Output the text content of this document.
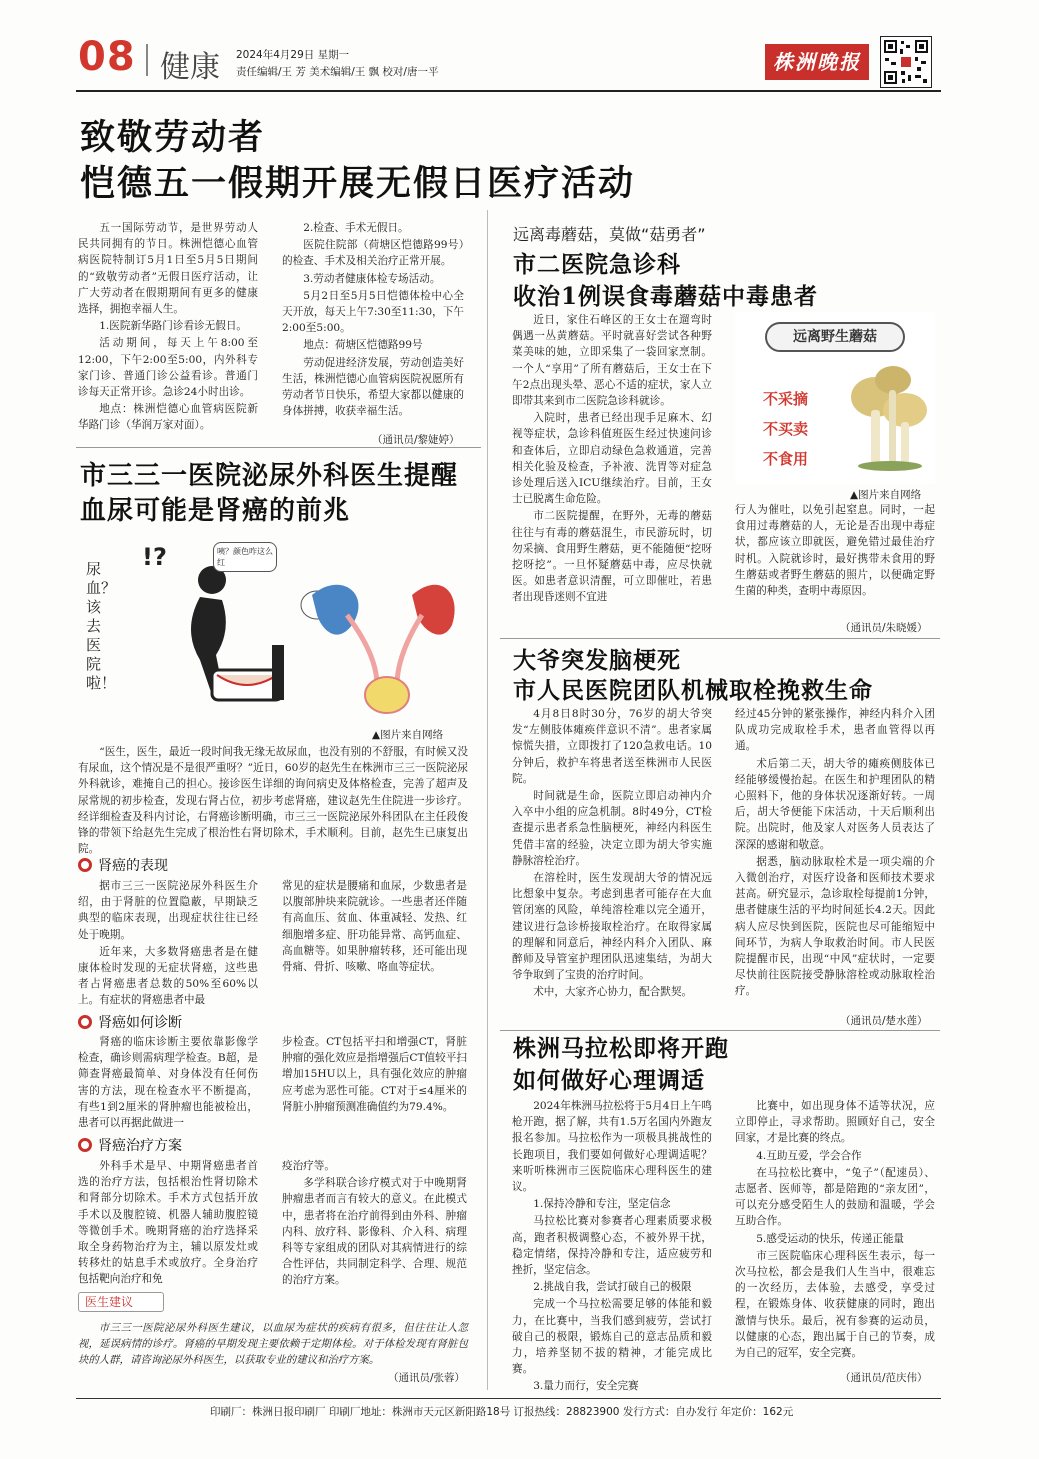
08 健康 2024年4月29日 星期一
责任编辑/王 芳 美术编辑/王 飘 校对/唐一平	株洲晚报
致敬劳动者
恺德五一假期开展无假日医疗活动

五一国际劳动节，是世界劳动人民共同拥有的节日。株洲恺德心血管病医院特制订5月1日至5月5日期间的“致敬劳动者”无假日医疗活动，让广大劳动者在假期期间有更多的健康选择，拥抱幸福人生。

1.医院新华路门诊看诊无假日。

活动期间，每天上午8:00至12:00，下午2:00至5:00，内外科专家门诊、普通门诊公益看诊。普通门诊每天正常开诊。急诊24小时出诊。

地点：株洲恺德心血管病医院新华路门诊（华润万家对面）。

2.检查、手术无假日。

医院住院部（荷塘区恺德路99号）的检查、手术及相关治疗正常开展。

3.劳动者健康体检专场活动。

5月2日至5月5日恺德体检中心全天开放，每天上午7:30至11:30，下午2:00至5:00。

地点：荷塘区恺德路99号

劳动促进经济发展，劳动创造美好生活，株洲恺德心血管病医院祝愿所有劳动者节日快乐，希望大家都以健康的身体拼搏，收获幸福生活。

（通讯员/黎婕婷）
市三三一医院泌尿外科医生提醒
血尿可能是肾癌的前兆
尿血？该去医院啦！
!?	咦？颜色咋这么红
▲图片来自网络

“医生，医生，最近一段时间我无缘无故尿血，也没有别的不舒服，有时候又没有尿血，这个情况是不是很严重呀？”近日，60岁的赵先生在株洲市三三一医院泌尿外科就诊，难掩自己的担心。接诊医生详细的询问病史及体格检查，完善了超声及尿常规的初步检查，发现右肾占位，初步考虑肾癌，建议赵先生住院进一步诊疗。经详细检查及科内讨论，右肾癌诊断明确，市三三一医院泌尿外科团队在主任段俊锋的带领下给赵先生完成了根治性右肾切除术，手术顺利。目前，赵先生已康复出院。

肾癌的表现

据市三三一医院泌尿外科医生介绍，由于肾脏的位置隐蔽，早期缺乏典型的临床表现，出现症状往往已经处于晚期。

近年来，大多数肾癌患者是在健康体检时发现的无症状肾癌，这些患者占肾癌患者总数的50%至60%以上。有症状的肾癌患者中最

常见的症状是腰痛和血尿，少数患者是以腹部肿块来院就诊。一些患者还伴随有高血压、贫血、体重减轻、发热、红细胞增多症、肝功能异常、高钙血症、高血糖等。如果肿瘤转移，还可能出现骨痛、骨折、咳嗽、咯血等症状。

肾癌如何诊断

肾癌的临床诊断主要依靠影像学检查，确诊则需病理学检查。B超，是筛查肾癌最简单、对身体没有任何伤害的方法，现在检查水平不断提高，有些1到2厘米的肾肿瘤也能被检出，患者可以再据此做进一

步检查。CT包括平扫和增强CT，肾脏肿瘤的强化效应是指增强后CT值较平扫增加15HU以上，具有强化效应的肿瘤应考虑为恶性可能。CT对于≤4厘米的肾脏小肿瘤预测准确值约为79.4%。

肾癌治疗方案

外科手术是早、中期肾癌患者首选的治疗方法，包括根治性肾切除术和肾部分切除术。手术方式包括开放手术以及腹腔镜、机器人辅助腹腔镜等微创手术。晚期肾癌的治疗选择采取全身药物治疗为主，辅以原发灶或转移灶的姑息手术或放疗。全身治疗包括靶向治疗和免

疫治疗等。

多学科联合诊疗模式对于中晚期肾肿瘤患者而言有较大的意义。在此模式中，患者将在治疗前得到由外科、肿瘤内科、放疗科、影像科、介入科、病理科等专家组成的团队对其病情进行的综合性评估，共同制定科学、合理、规范的治疗方案。

医生建议
市三三一医院泌尿外科医生建议，以血尿为症状的疾病有很多，但往往让人忽视，延误病情的诊疗。肾癌的早期发现主要依赖于定期体检。对于体检发现有肾脏包块的人群，请咨询泌尿外科医生，以获取专业的建议和治疗方案。
（通讯员/张蓉）
远离毒蘑菇，莫做“菇勇者”
市二医院急诊科
收治1例误食毒蘑菇中毒患者

近日，家住石峰区的王女士在遛弯时偶遇一丛黄蘑菇。平时就喜好尝试各种野菜美味的她，立即采集了一袋回家烹制。一个人“享用”了所有蘑菇后，王女士在下午2点出现头晕、恶心不适的症状，家人立即带其来到市二医院急诊科就诊。

入院时，患者已经出现手足麻木、幻视等症状，急诊科值班医生经过快速问诊和查体后，立即启动绿色急救通道，完善相关化验及检查，予补液、洗胃等对症急诊处理后送入ICU继续治疗。目前，王女士已脱离生命危险。

市二医院提醒，在野外，无毒的蘑菇往往与有毒的蘑菇混生，市民游玩时，切勿采摘、食用野生蘑菇，更不能随便“挖呀挖呀挖”。一旦怀疑蘑菇中毒，应尽快就医。如患者意识清醒，可立即催吐，若患者出现昏迷则不宜进

远离野生蘑菇
不采摘
不买卖
不食用
▲图片来自网络

行人为催吐，以免引起窒息。同时，一起食用过毒蘑菇的人，无论是否出现中毒症状，都应该立即就医，避免错过最佳治疗时机。入院就诊时，最好携带未食用的野生蘑菇或者野生蘑菇的照片，以便确定野生菌的种类，查明中毒原因。

（通讯员/朱晓媛）
大爷突发脑梗死
市人民医院团队机械取栓挽救生命

4月8日8时30分，76岁的胡大爷突发“左侧肢体瘫痪伴意识不清”。患者家属惊慌失措，立即拨打了120急救电话。10分钟后，救护车将患者送至株洲市人民医院。

时间就是生命，医院立即启动神内介入卒中小组的应急机制。8时49分，CT检查提示患者系急性脑梗死，神经内科医生凭借丰富的经验，决定立即为胡大爷实施静脉溶栓治疗。

在溶栓时，医生发现胡大爷的情况远比想象中复杂。考虑到患者可能存在大血管闭塞的风险，单纯溶栓难以完全通开，建议进行急诊桥接取栓治疗。在取得家属的理解和同意后，神经内科介入团队、麻醉师及导管室护理团队迅速集结，为胡大爷争取到了宝贵的治疗时间。

术中，大家齐心协力，配合默契。

经过45分钟的紧张操作，神经内科介入团队成功完成取栓手术，患者血管得以再通。

术后第二天，胡大爷的瘫痪侧肢体已经能够缓慢抬起。在医生和护理团队的精心照料下，他的身体状况逐渐好转。一周后，胡大爷便能下床活动，十天后顺利出院。出院时，他及家人对医务人员表达了深深的感谢和敬意。

据悉，脑动脉取栓术是一项尖端的介入微创治疗，对医疗设备和医师技术要求甚高。研究显示，急诊取栓每提前1分钟，患者健康生活的平均时间延长4.2天。因此病人应尽快到医院，医院也尽可能缩短中间环节，为病人争取救治时间。市人民医院提醒市民，出现“中风”症状时，一定要尽快前往医院接受静脉溶栓或动脉取栓治疗。

（通讯员/楚水莲）
株洲马拉松即将开跑
如何做好心理调适

2024年株洲马拉松将于5月4日上午鸣枪开跑，据了解，共有1.5万名国内外跑友报名参加。马拉松作为一项极具挑战性的长跑项目，我们要如何做好心理调适呢？来听听株洲市三医院临床心理科医生的建议。

1.保持冷静和专注，坚定信念

马拉松比赛对参赛者心理素质要求极高，跑者积极调整心态，不被外界干扰，稳定情绪，保持冷静和专注，适应疲劳和挫折，坚定信念。

2.挑战自我，尝试打破自己的极限

完成一个马拉松需要足够的体能和毅力，在比赛中，当我们感到疲劳，尝试打破自己的极限，锻炼自己的意志品质和毅力，培养坚韧不拔的精神，才能完成比赛。

3.量力而行，安全完赛

比赛中，如出现身体不适等状况，应立即停止，寻求帮助。照顾好自己，安全回家，才是比赛的终点。

4.互助互爱，学会合作

在马拉松比赛中，“兔子”（配速员）、志愿者、医师等，都是陪跑的“亲友团”，可以充分感受陌生人的鼓励和温暖，学会互助合作。

5.感受运动的快乐，传递正能量

市三医院临床心理科医生表示，每一次马拉松，都会是我们人生当中，很难忘的一次经历，去体验，去感受，享受过程，在锻炼身体、收获健康的同时，跑出激情与快乐。最后，祝有参赛的运动员，以健康的心态，跑出属于自己的节奏，成为自己的冠军，安全完赛。

（通讯员/范庆伟）
印刷厂：株洲日报印刷厂 印刷厂地址：株洲市天元区新阳路18号 订报热线：28823900 发行方式：自办发行 年定价：162元
